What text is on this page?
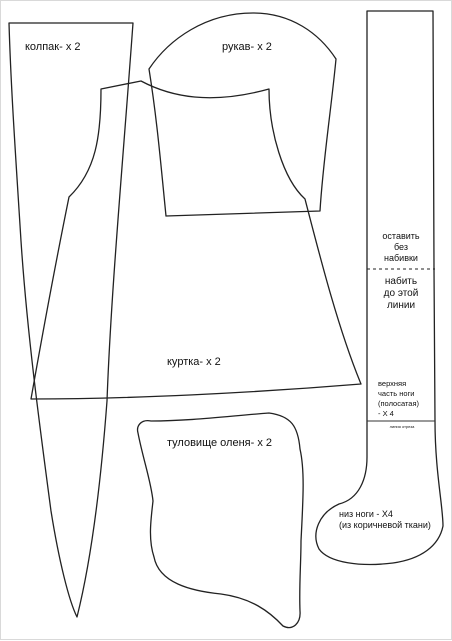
колпак- х 2	рукав- х 2
куртка- х 2
туловище оленя- х 2
оставить
без
набивки
набить
до этой
линии
верхняя
часть ноги
(полосатая)
- Х 4
линия отреза
низ ноги - Х4
(из коричневой ткани)
